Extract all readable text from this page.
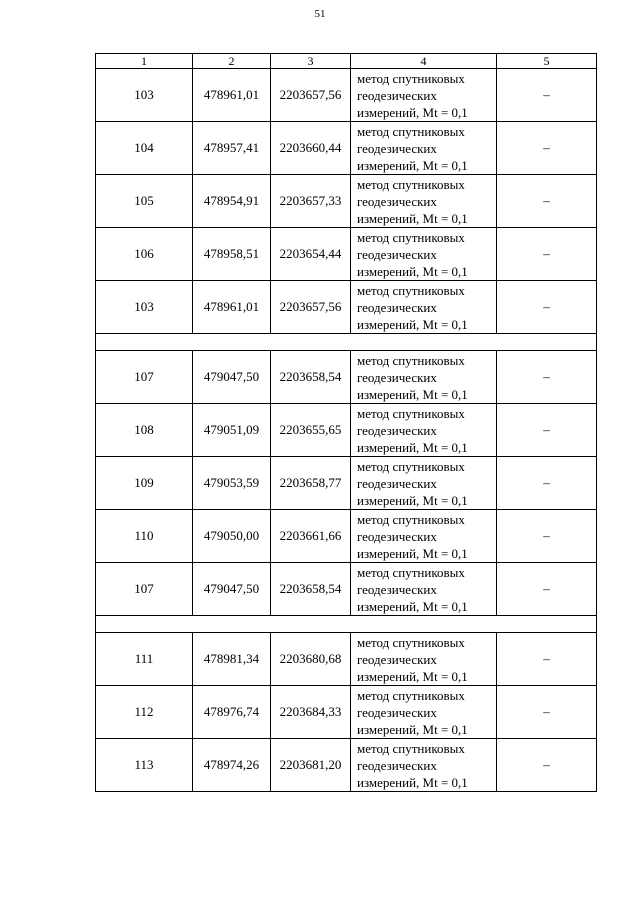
51
1	2	3	4	5
103	478961,01	2203657,56	метод спутниковых
геодезических
измерений, Mt = 0,1	–
104	478957,41	2203660,44	метод спутниковых
геодезических
измерений, Mt = 0,1	–
105	478954,91	2203657,33	метод спутниковых
геодезических
измерений, Mt = 0,1	–
106	478958,51	2203654,44	метод спутниковых
геодезических
измерений, Mt = 0,1	–
103	478961,01	2203657,56	метод спутниковых
геодезических
измерений, Mt = 0,1	–

107	479047,50	2203658,54	метод спутниковых
геодезических
измерений, Mt = 0,1	–
108	479051,09	2203655,65	метод спутниковых
геодезических
измерений, Mt = 0,1	–
109	479053,59	2203658,77	метод спутниковых
геодезических
измерений, Mt = 0,1	–
110	479050,00	2203661,66	метод спутниковых
геодезических
измерений, Mt = 0,1	–
107	479047,50	2203658,54	метод спутниковых
геодезических
измерений, Mt = 0,1	–

111	478981,34	2203680,68	метод спутниковых
геодезических
измерений, Mt = 0,1	–
112	478976,74	2203684,33	метод спутниковых
геодезических
измерений, Mt = 0,1	–
113	478974,26	2203681,20	метод спутниковых
геодезических
измерений, Mt = 0,1	–
